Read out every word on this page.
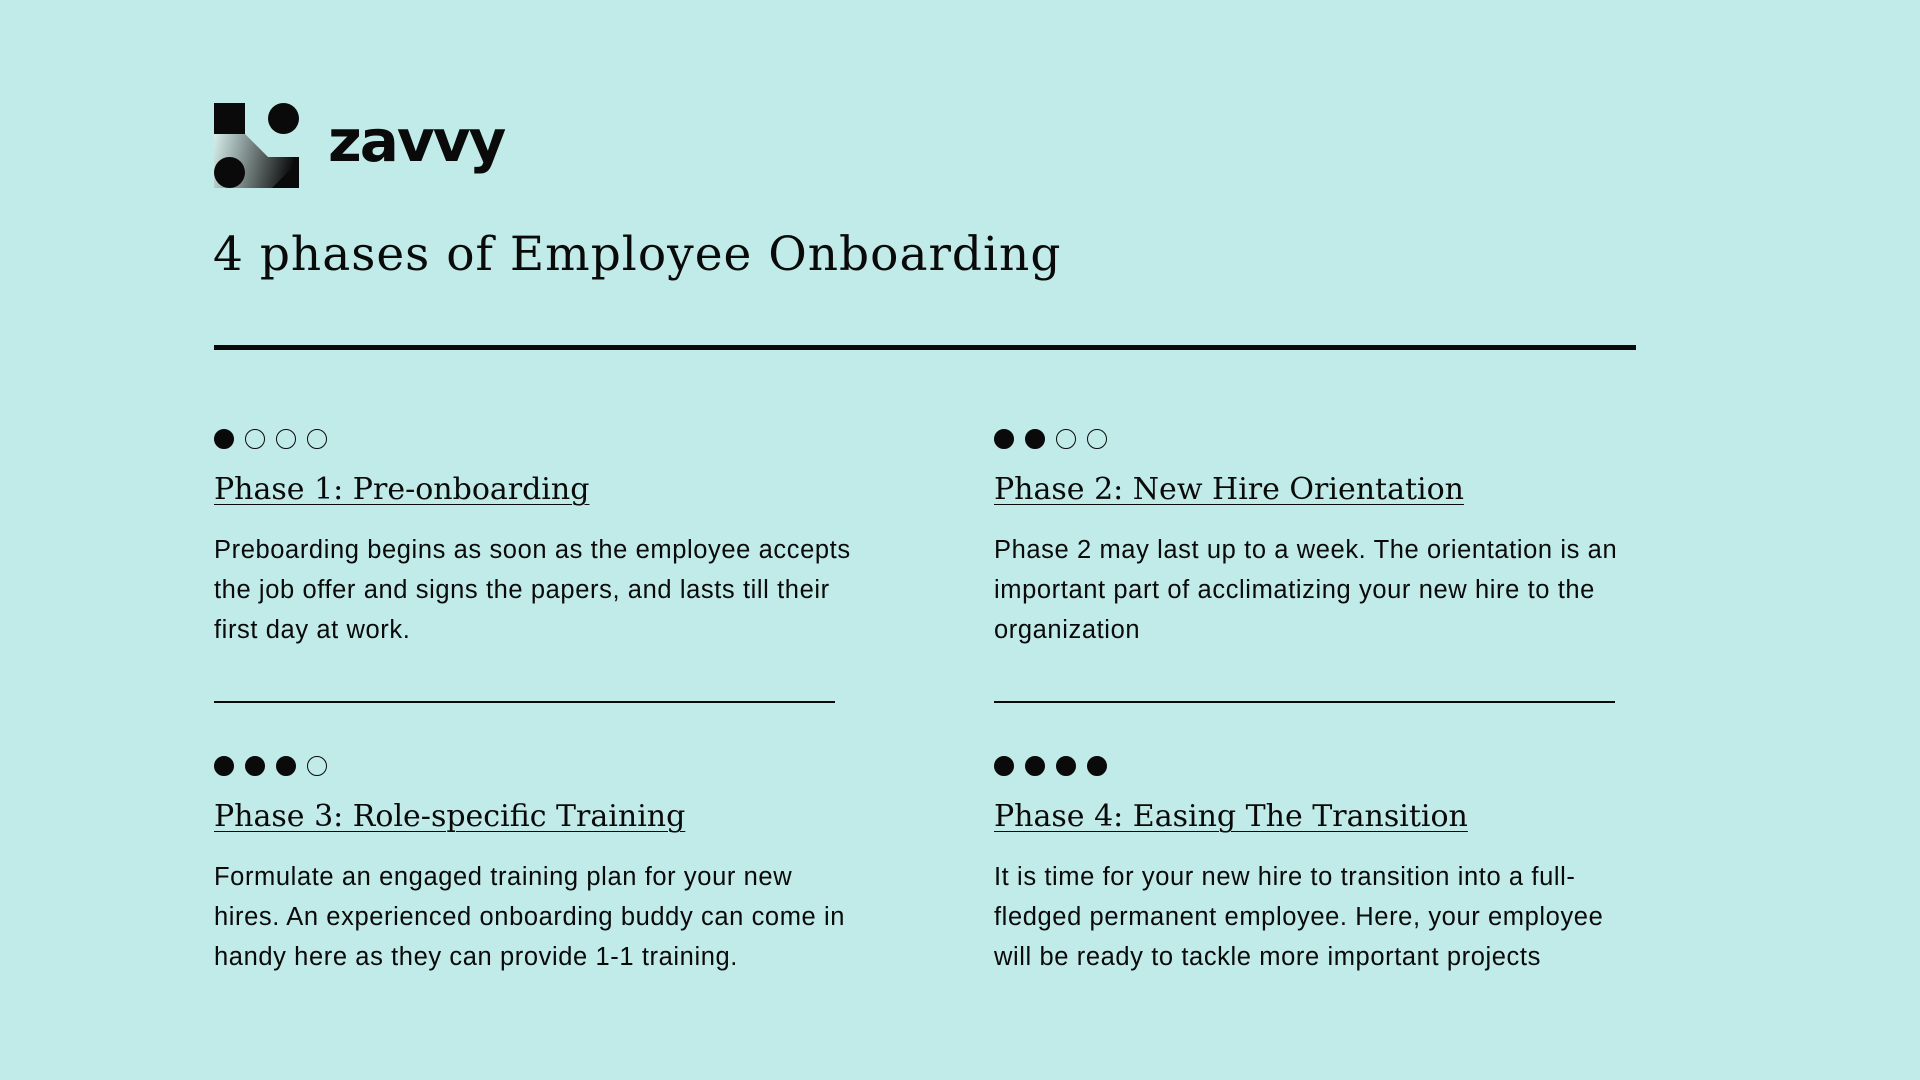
zavvy
4 phases of Employee Onboarding
Phase 1: Pre-onboarding

Preboarding begins as soon as the employee accepts the job offer and signs the papers, and lasts till their first day at work.

Phase 2: New Hire Orientation

Phase 2 may last up to a week. The orientation is an important part of acclimatizing your new hire to the organization

Phase 3: Role-specific Training

Formulate an engaged training plan for your new hires. An experienced onboarding buddy can come in handy here as they can provide 1-1 training.

Phase 4: Easing The Transition

It is time for your new hire to transition into a full-fledged permanent employee. Here, your employee will be ready to tackle more important projects
